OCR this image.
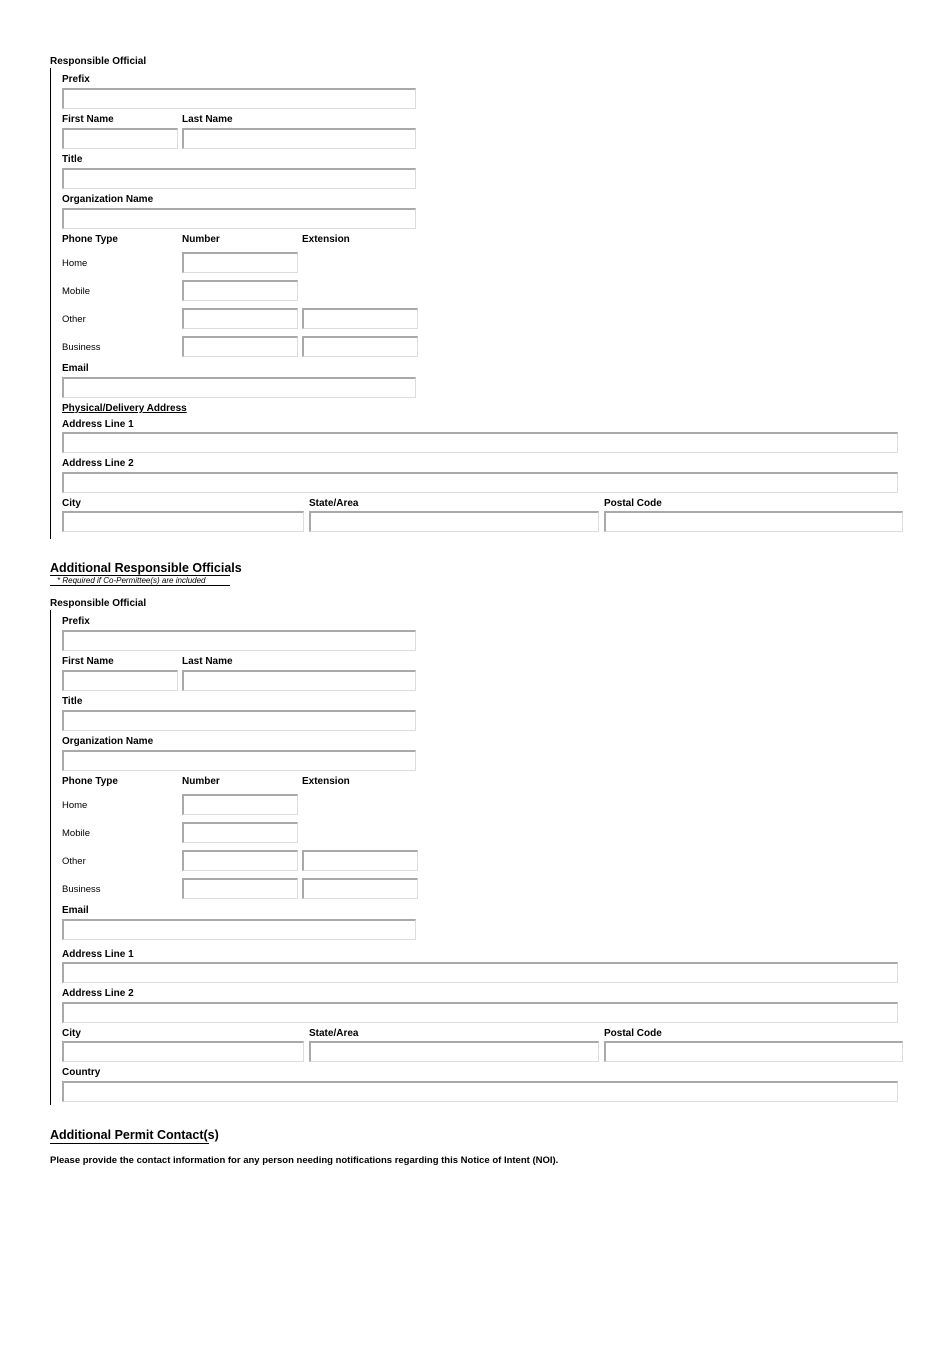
Responsible Official
Prefix
First Name	Last Name
Title
Organization Name
Phone Type	Number	Extension
Home
Mobile
Other
Business
Email
Physical/Delivery Address
Address Line 1
Address Line 2
City	State/Area	Postal Code
Additional Responsible Officials
* Required if Co-Permittee(s) are included
Responsible Official
Prefix
First Name	Last Name
Title
Organization Name
Phone Type	Number	Extension
Home
Mobile
Other
Business
Email
Address Line 1
Address Line 2
City	State/Area	Postal Code
Country
Additional Permit Contact(s)
Please provide the contact information for any person needing notifications regarding this Notice of Intent (NOI).
